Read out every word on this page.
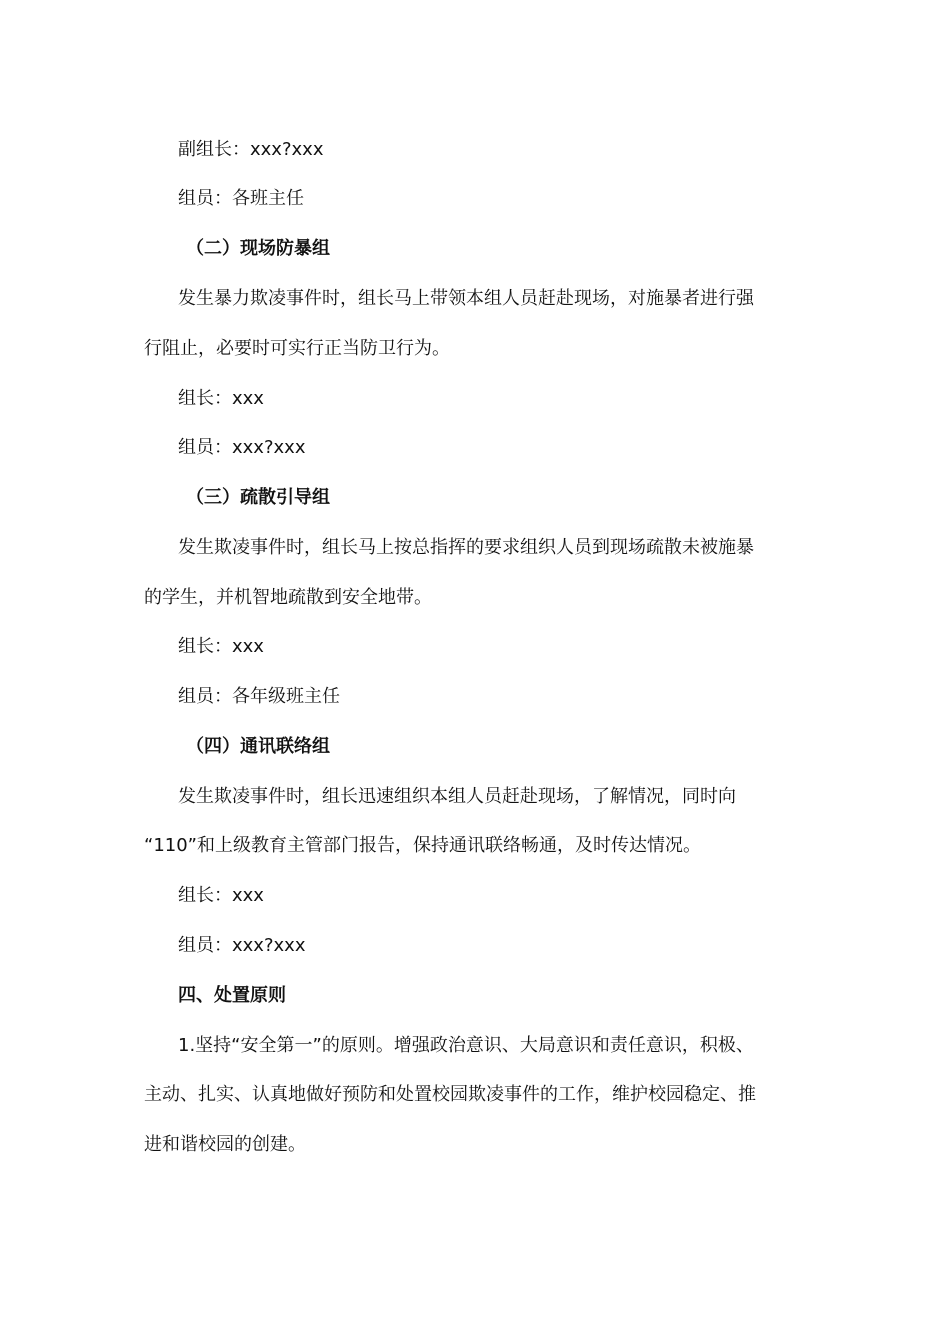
副组长：xxx?xxx
组员：各班主任
（二）现场防暴组
发生暴力欺凌事件时，组长马上带领本组人员赶赴现场，对施暴者进行强
行阻止，必要时可实行正当防卫行为。
组长：xxx
组员：xxx?xxx
（三）疏散引导组
发生欺凌事件时，组长马上按总指挥的要求组织人员到现场疏散未被施暴
的学生，并机智地疏散到安全地带。
组长：xxx
组员：各年级班主任
（四）通讯联络组
发生欺凌事件时，组长迅速组织本组人员赶赴现场，了解情况，同时向
“110”和上级教育主管部门报告，保持通讯联络畅通，及时传达情况。
组长：xxx
组员：xxx?xxx
四、处置原则
1.坚持“安全第一”的原则。增强政治意识、大局意识和责任意识，积极、
主动、扎实、认真地做好预防和处置校园欺凌事件的工作，维护校园稳定、推
进和谐校园的创建。
